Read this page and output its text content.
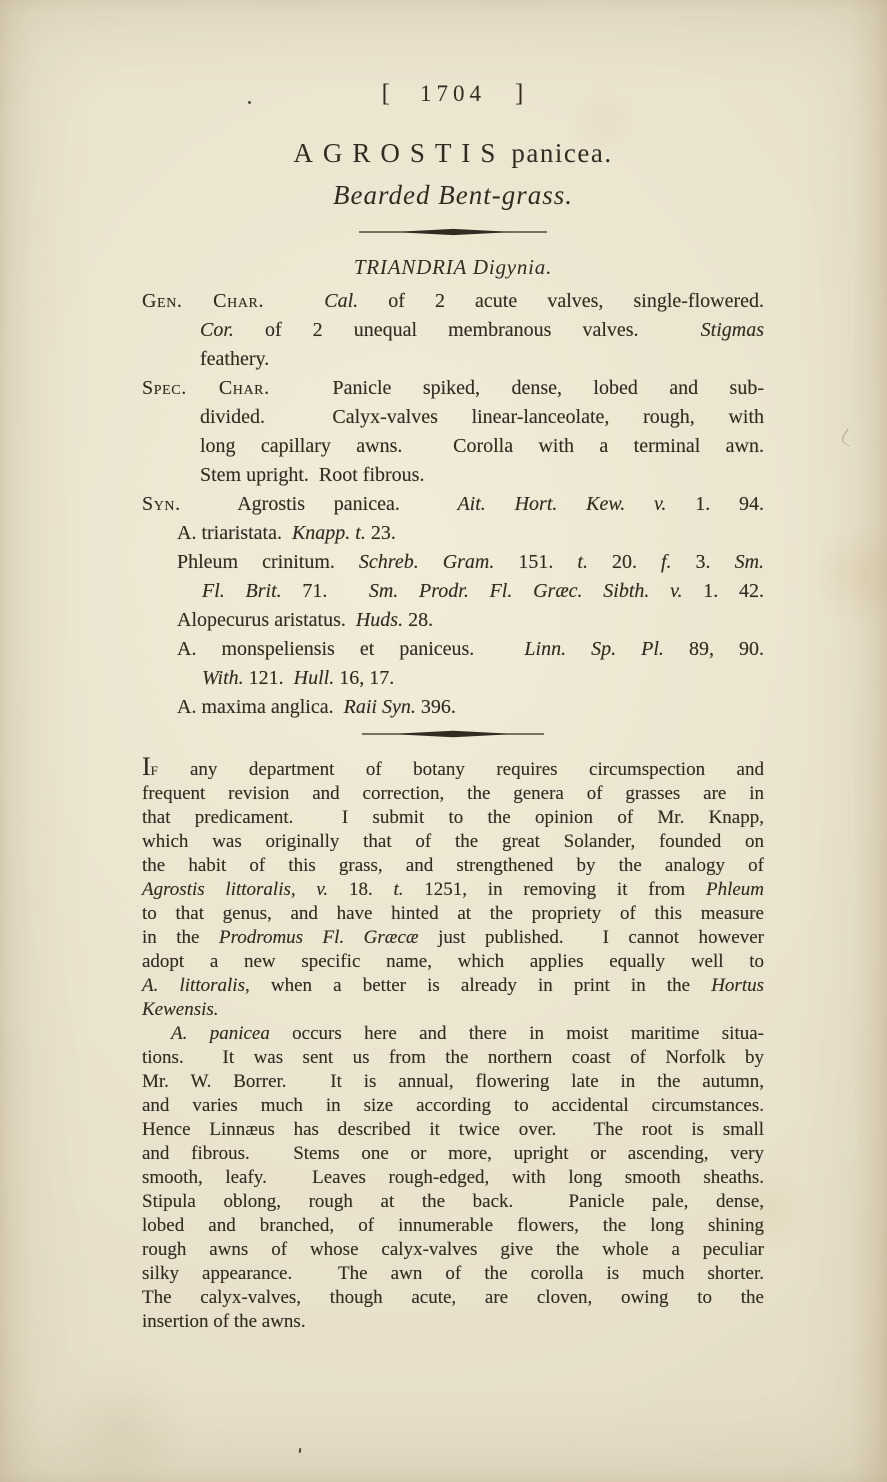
[ 1704 ]
AGROSTIS panicea.
Bearded Bent-grass.
TRIANDRIA Digynia.
Gen. Char.	Cal. of 2 acute valves, single-flowered.
Cor. of 2 unequal membranous valves.  Stigmas
feathery.
Spec. Char.  Panicle spiked, dense, lobed and sub-
divided.  Calyx-valves linear-lanceolate, rough, with
long capillary awns.  Corolla with a terminal awn.
Stem upright.  Root fibrous.
Syn.  Agrostis panicea.  Ait. Hort. Kew. v. 1. 94.
A. triaristata.  Knapp. t. 23.
Phleum crinitum. Schreb. Gram. 151. t. 20. f. 3. Sm.
Fl. Brit. 71.  Sm. Prodr. Fl. Græc. Sibth. v. 1. 42.
Alopecurus aristatus.  Huds. 28.
A. monspeliensis et paniceus.  Linn. Sp. Pl. 89, 90.
With. 121.  Hull. 16, 17.
A. maxima anglica.  Raii Syn. 396.
If any department of botany requires circumspection and
frequent revision and correction, the genera of grasses are in
that predicament.  I submit to the opinion of Mr. Knapp,
which was originally that of the great Solander, founded on
the habit of this grass, and strengthened by the analogy of
Agrostis littoralis, v. 18. t. 1251, in removing it from Phleum
to that genus, and have hinted at the propriety of this measure
in the Prodromus Fl. Græcæ just published.  I cannot however
adopt a new specific name, which applies equally well to
A. littoralis, when a better is already in print in the Hortus
Kewensis.
A. panicea occurs here and there in moist maritime situa-
tions.  It was sent us from the northern coast of Norfolk by
Mr. W. Borrer.  It is annual, flowering late in the autumn,
and varies much in size according to accidental circumstances.
Hence Linnæus has described it twice over.  The root is small
and fibrous.  Stems one or more, upright or ascending, very
smooth, leafy.  Leaves rough-edged, with long smooth sheaths.
Stipula oblong, rough at the back.  Panicle pale, dense,
lobed and branched, of innumerable flowers, the long shining
rough awns of whose calyx-valves give the whole a peculiar
silky appearance.  The awn of the corolla is much shorter.
The calyx-valves, though acute, are cloven, owing to the
insertion of the awns.
